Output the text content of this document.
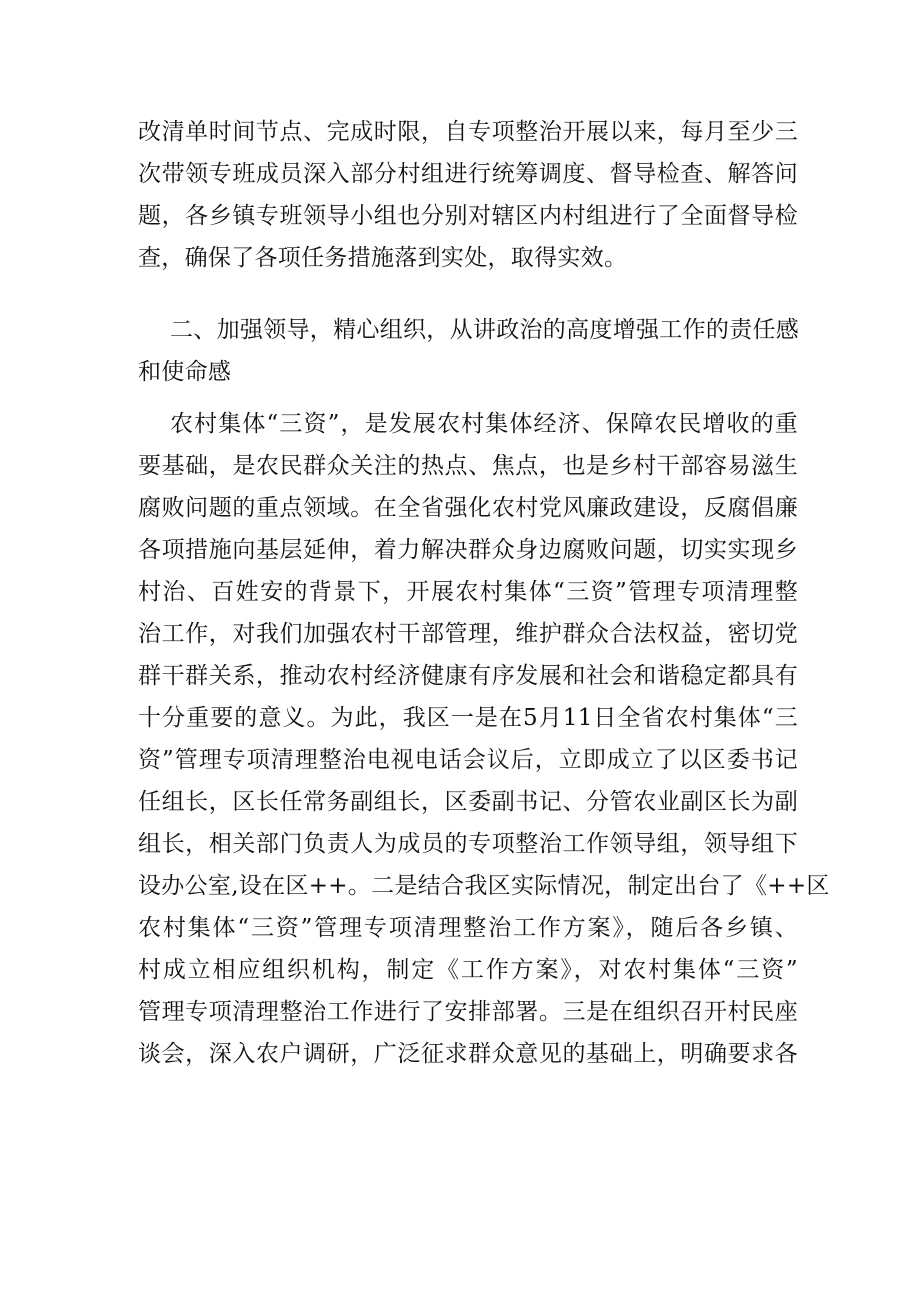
改清单时间节点、完成时限，自专项整治开展以来，每月至少三
次带领专班成员深入部分村组进行统筹调度、督导检查、解答问
题，各乡镇专班领导小组也分别对辖区内村组进行了全面督导检
查，确保了各项任务措施落到实处，取得实效。
二、加强领导，精心组织，从讲政治的高度增强工作的责任感
和使命感
农村集体“三资”，是发展农村集体经济、保障农民增收的重
要基础，是农民群众关注的热点、焦点，也是乡村干部容易滋生
腐败问题的重点领域。在全省强化农村党风廉政建设，反腐倡廉
各项措施向基层延伸，着力解决群众身边腐败问题，切实实现乡
村治、百姓安的背景下，开展农村集体“三资”管理专项清理整
治工作，对我们加强农村干部管理，维护群众合法权益，密切党
群干群关系，推动农村经济健康有序发展和社会和谐稳定都具有
十分重要的意义。为此，我区一是在5月11日全省农村集体“三
资”管理专项清理整治电视电话会议后，立即成立了以区委书记
任组长，区长任常务副组长，区委副书记、分管农业副区长为副
组长，相关部门负责人为成员的专项整治工作领导组，领导组下
设办公室,设在区++。二是结合我区实际情况，制定出台了《++区
农村集体“三资”管理专项清理整治工作方案》，随后各乡镇、
村成立相应组织机构，制定《工作方案》，对农村集体“三资”
管理专项清理整治工作进行了安排部署。三是在组织召开村民座
谈会，深入农户调研，广泛征求群众意见的基础上，明确要求各
